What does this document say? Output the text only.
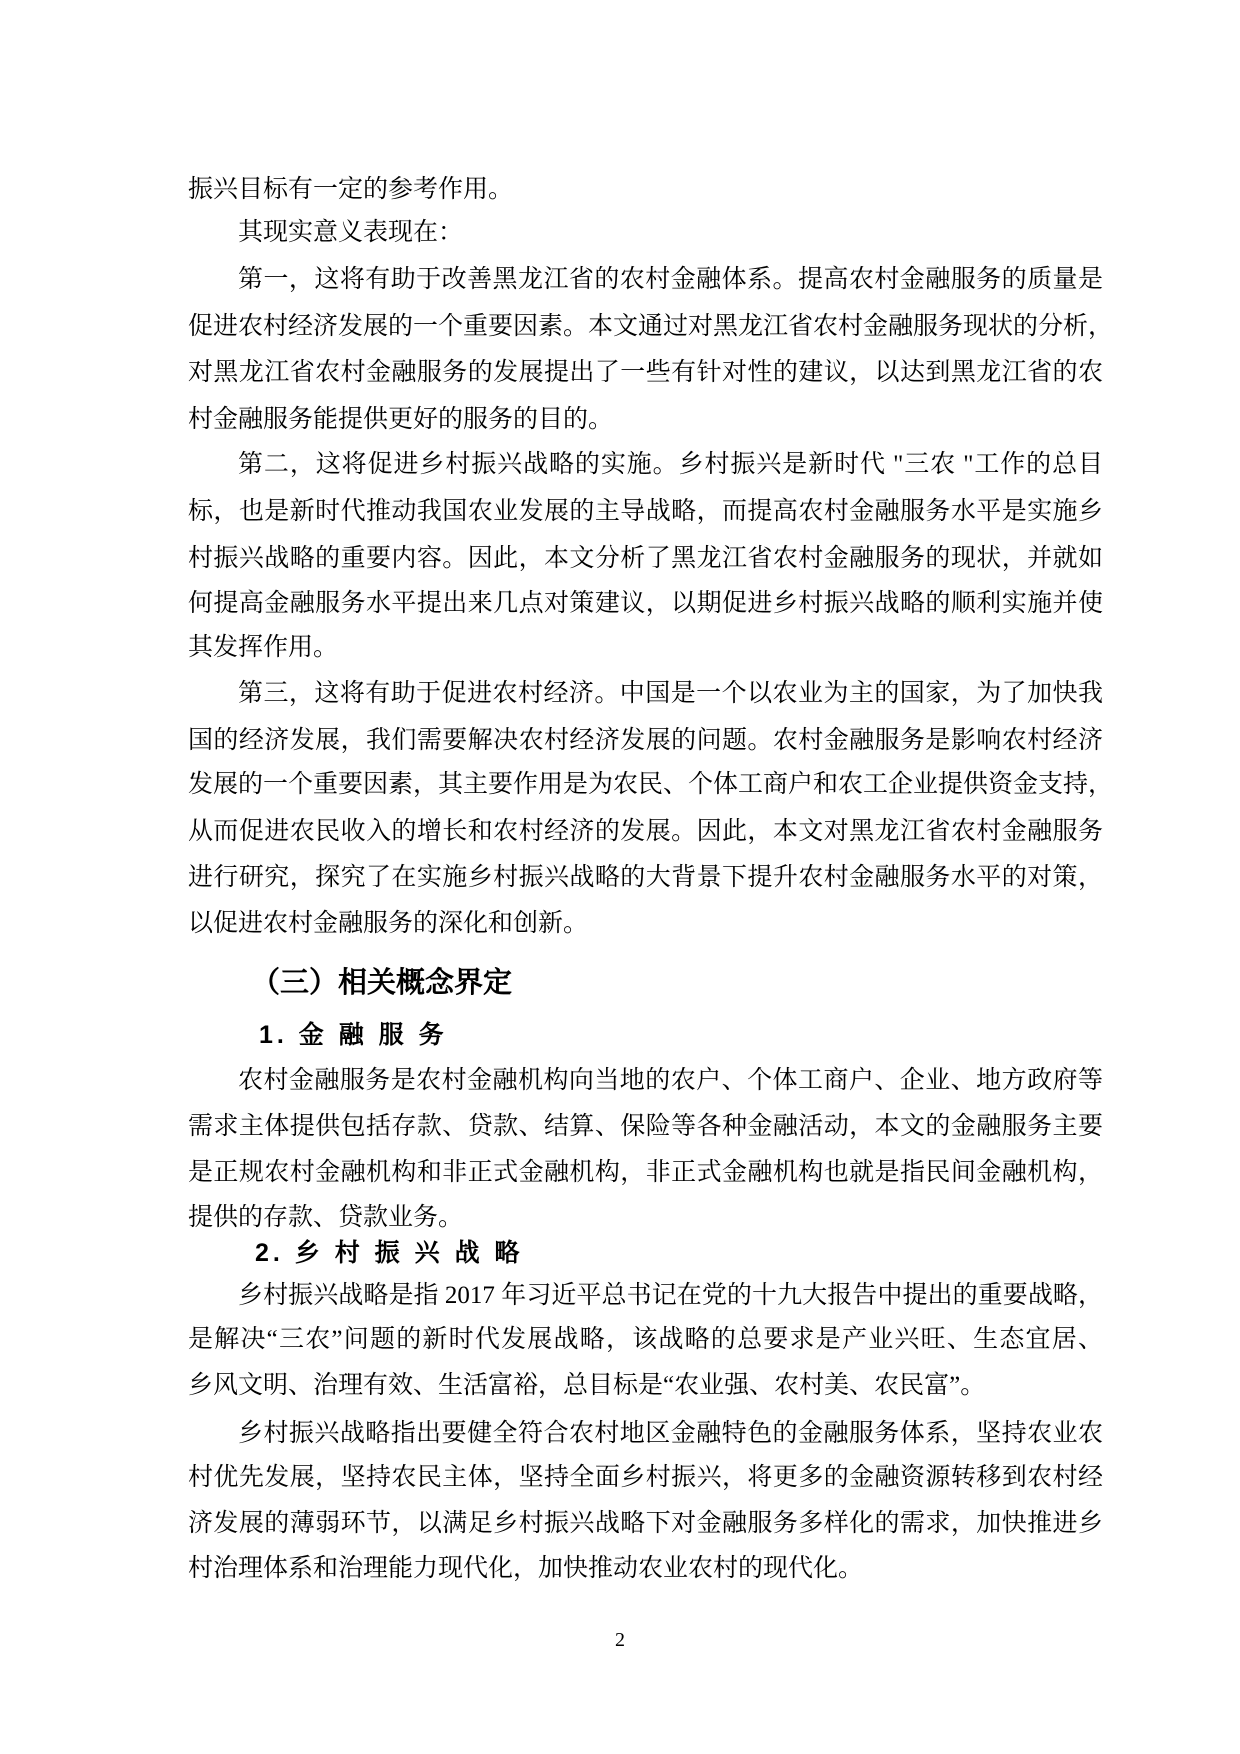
振兴目标有一定的参考作用。
其现实意义表现在：
第一，这将有助于改善黑龙江省的农村金融体系。提高农村金融服务的质量是
促进农村经济发展的一个重要因素。本文通过对黑龙江省农村金融服务现状的分析，
对黑龙江省农村金融服务的发展提出了一些有针对性的建议，以达到黑龙江省的农
村金融服务能提供更好的服务的目的。
第二，这将促进乡村振兴战略的实施。乡村振兴是新时代 "三农 "工作的总目
标，也是新时代推动我国农业发展的主导战略，而提高农村金融服务水平是实施乡
村振兴战略的重要内容。因此，本文分析了黑龙江省农村金融服务的现状，并就如
何提高金融服务水平提出来几点对策建议，以期促进乡村振兴战略的顺利实施并使
其发挥作用。
第三，这将有助于促进农村经济。中国是一个以农业为主的国家，为了加快我
国的经济发展，我们需要解决农村经济发展的问题。农村金融服务是影响农村经济
发展的一个重要因素，其主要作用是为农民、个体工商户和农工企业提供资金支持，
从而促进农民收入的增长和农村经济的发展。因此，本文对黑龙江省农村金融服务
进行研究，探究了在实施乡村振兴战略的大背景下提升农村金融服务水平的对策，
以促进农村金融服务的深化和创新。
（三）相关概念界定
1. 金 融 服 务
农村金融服务是农村金融机构向当地的农户、个体工商户、企业、地方政府等
需求主体提供包括存款、贷款、结算、保险等各种金融活动，本文的金融服务主要
是正规农村金融机构和非正式金融机构，非正式金融机构也就是指民间金融机构，
提供的存款、贷款业务。
2. 乡 村 振 兴 战 略
乡村振兴战略是指 2017 年习近平总书记在党的十九大报告中提出的重要战略，
是解决“三农”问题的新时代发展战略，该战略的总要求是产业兴旺、生态宜居、
乡风文明、治理有效、生活富裕，总目标是“农业强、农村美、农民富”。
乡村振兴战略指出要健全符合农村地区金融特色的金融服务体系，坚持农业农
村优先发展，坚持农民主体，坚持全面乡村振兴，将更多的金融资源转移到农村经
济发展的薄弱环节，以满足乡村振兴战略下对金融服务多样化的需求，加快推进乡
村治理体系和治理能力现代化，加快推动农业农村的现代化。
2
